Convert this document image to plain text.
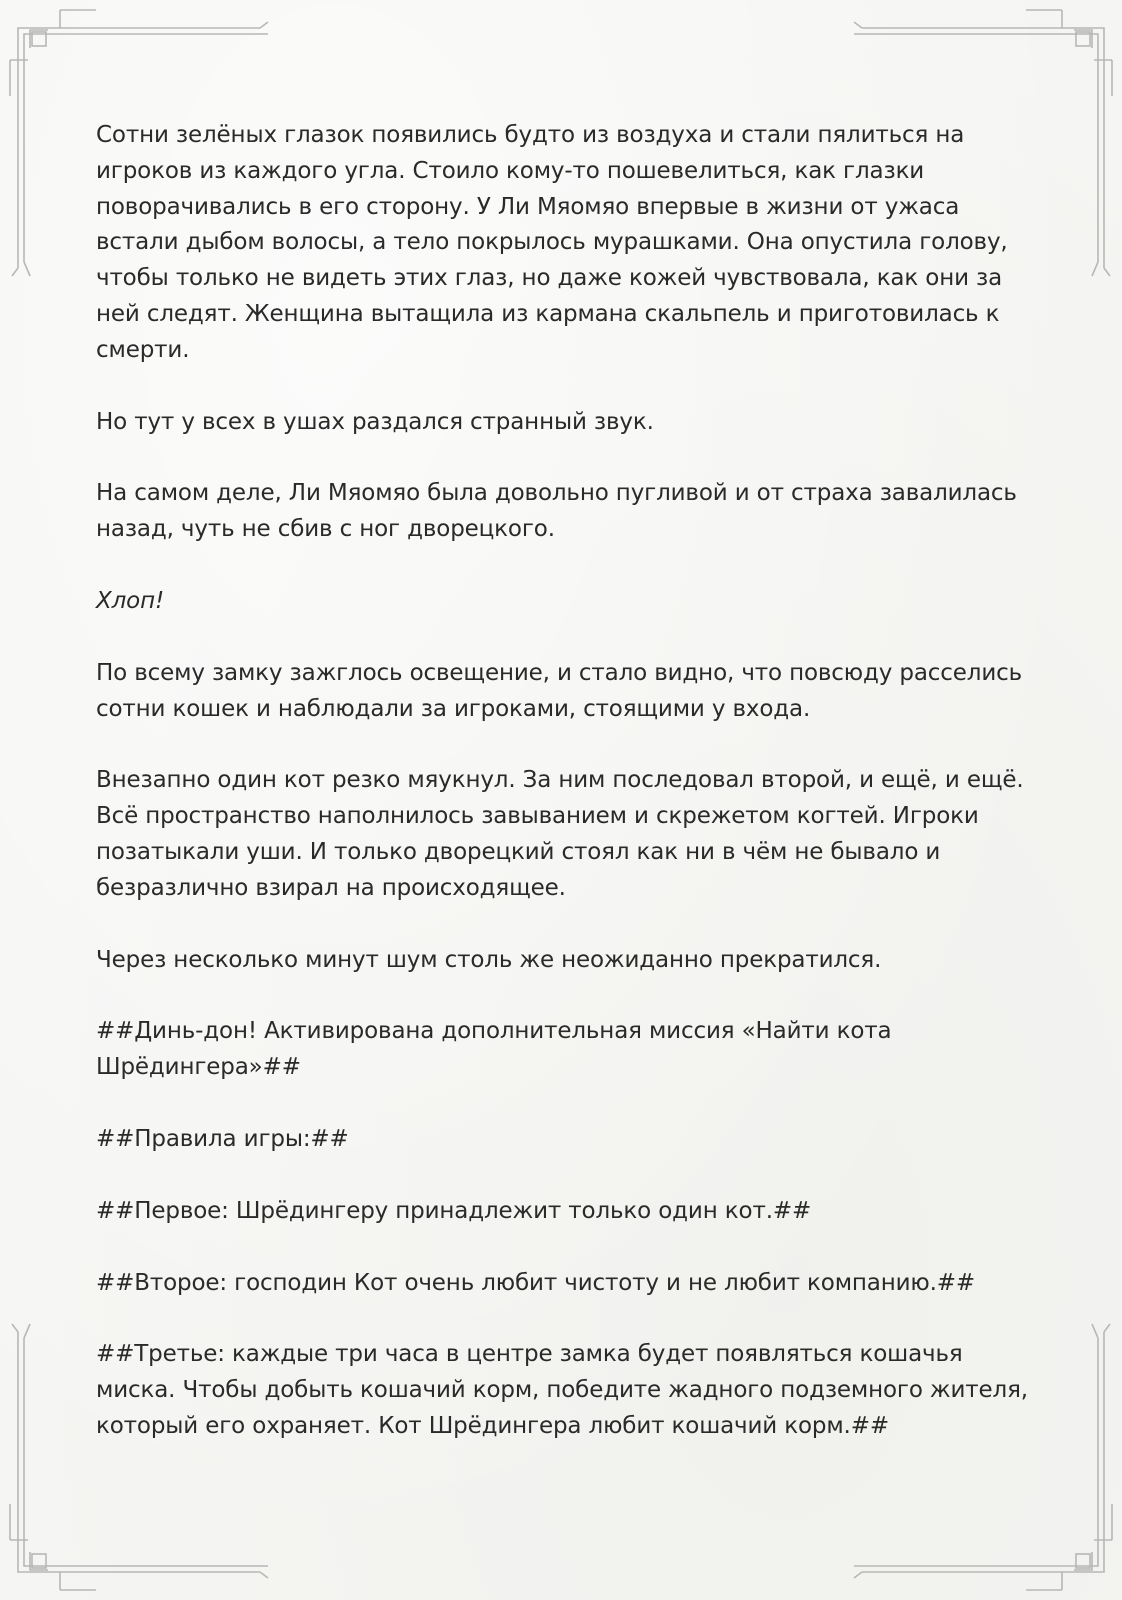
Сотни зелёных глазок появились будто из воздуха и стали пялиться на игроков из каждого угла. Стоило кому-то пошевелиться, как глазки поворачивались в его сторону. У Ли Мяомяо впервые в жизни от ужаса встали дыбом волосы, а тело покрылось мурашками. Она опустила голову, чтобы только не видеть этих глаз, но даже кожей чувствовала, как они за ней следят. Женщина вытащила из кармана скальпель и приготовилась к смерти.

Но тут у всех в ушах раздался странный звук.

На самом деле, Ли Мяомяо была довольно пугливой и от страха завалилась назад, чуть не сбив с ног дворецкого.

Хлоп!

По всему замку зажглось освещение, и стало видно, что повсюду расселись сотни кошек и наблюдали за игроками, стоящими у входа.

Внезапно один кот резко мяукнул. За ним последовал второй, и ещё, и ещё. Всё пространство наполнилось завыванием и скрежетом когтей. Игроки позатыкали уши. И только дворецкий стоял как ни в чём не бывало и безразлично взирал на происходящее.

Через несколько минут шум столь же неожиданно прекратился.

##Динь-дон! Активирована дополнительная миссия «Найти кота Шрёдингера»##

##Правила игры:##

##Первое: Шрёдингеру принадлежит только один кот.##

##Второе: господин Кот очень любит чистоту и не любит компанию.##

##Третье: каждые три часа в центре замка будет появляться кошачья миска. Чтобы добыть кошачий корм, победите жадного подземного жителя, который его охраняет. Кот Шрёдингера любит кошачий корм.##
